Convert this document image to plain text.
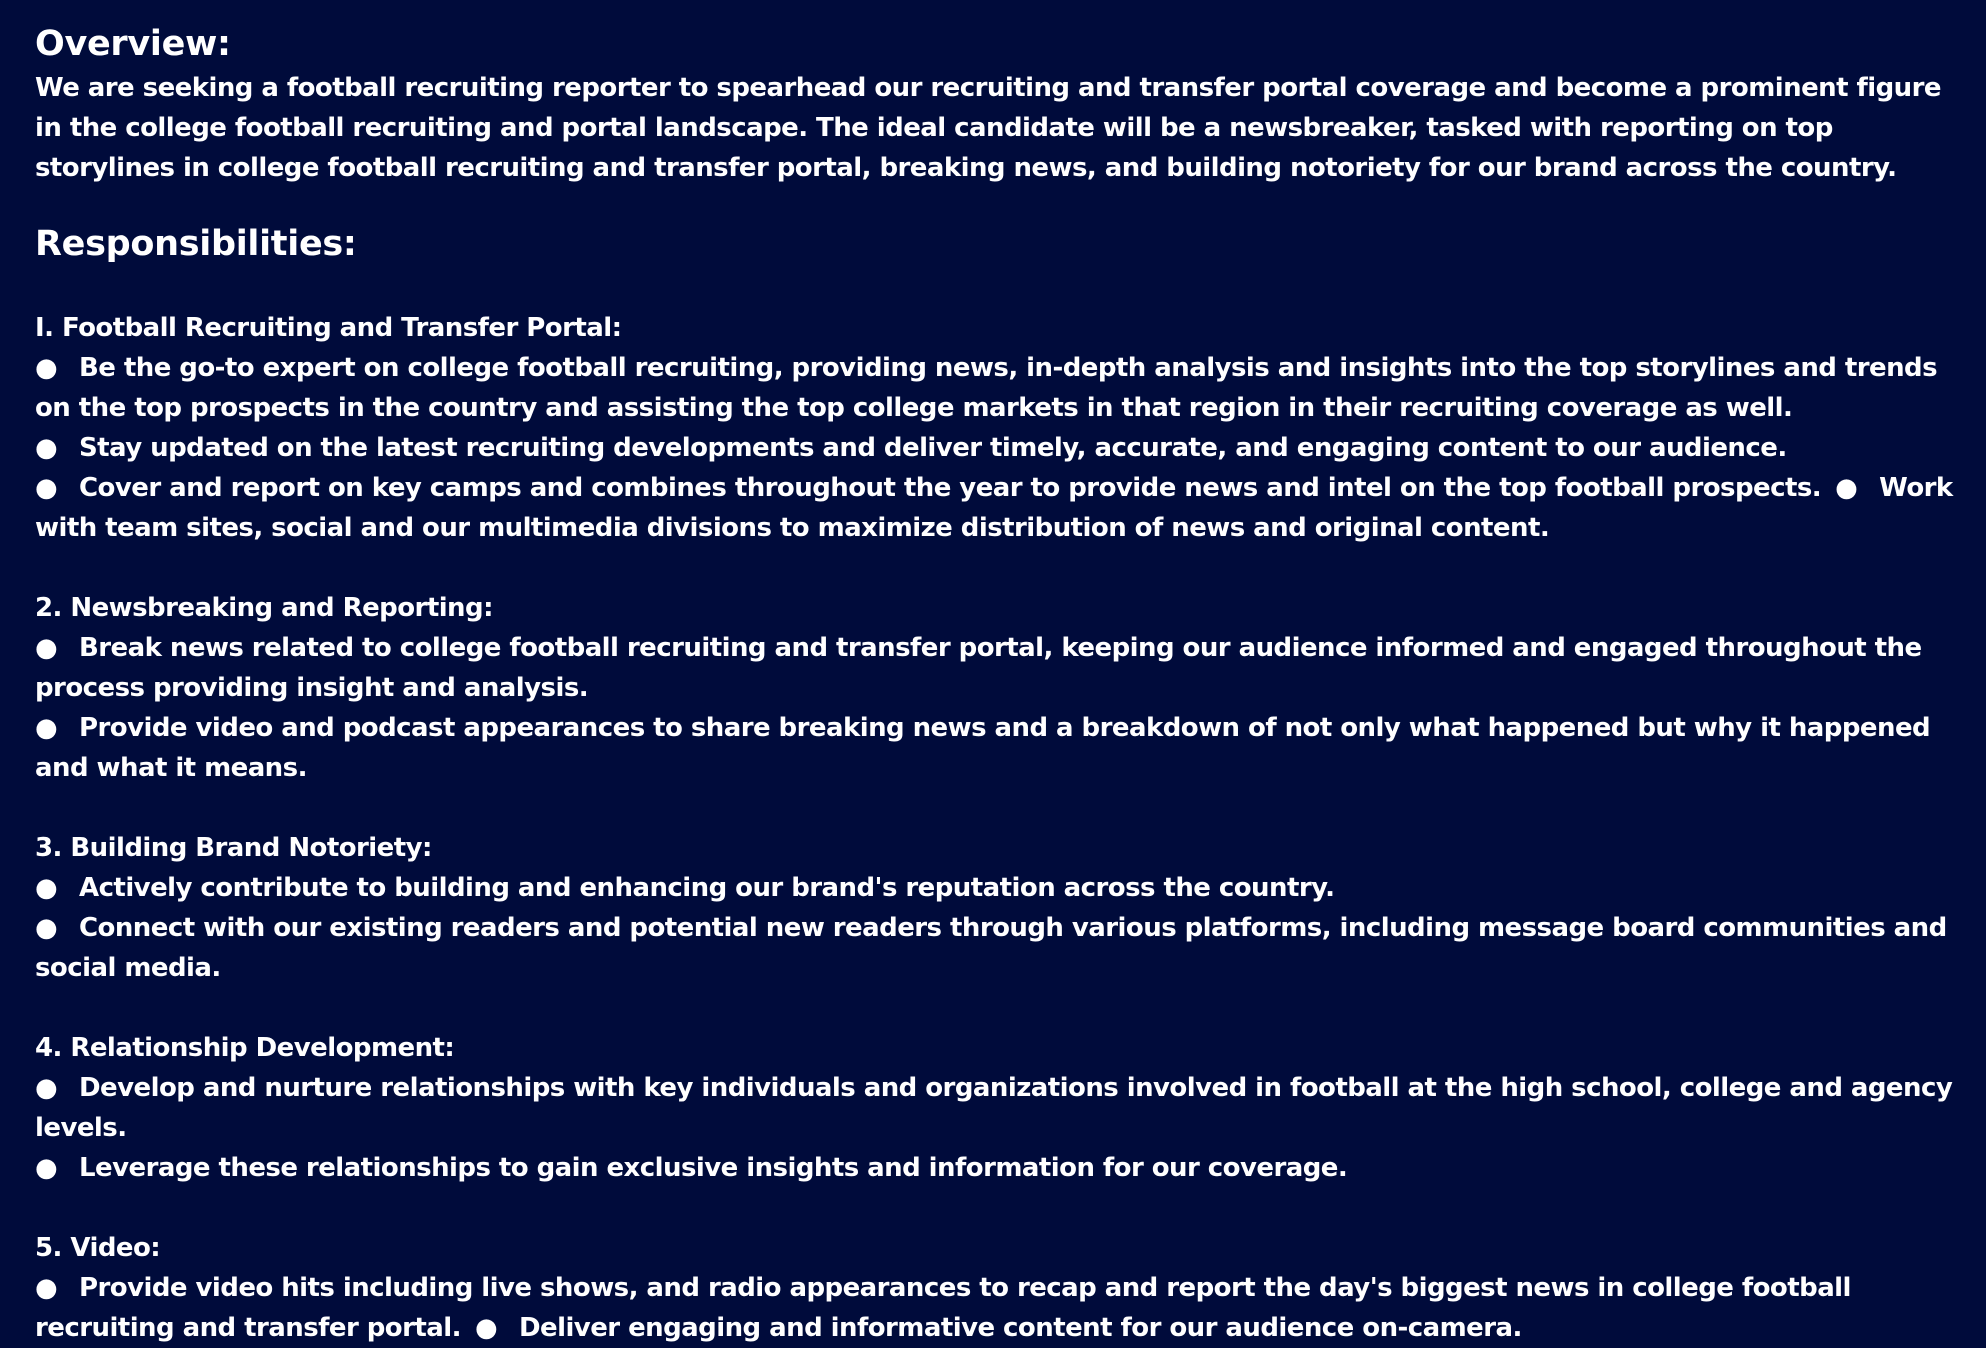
Overview:

We are seeking a football recruiting reporter to spearhead our recruiting and transfer portal coverage and become a prominent figure in the college football recruiting and portal landscape. The ideal candidate will be a newsbreaker, tasked with reporting on top storylines in college football recruiting and transfer portal, breaking news, and building notoriety for our brand across the country.

Responsibilities:
I. Football Recruiting and Transfer Portal:
● Be the go-to expert on college football recruiting, providing news, in-depth analysis and insights into the top storylines and trends on the top prospects in the country and assisting the top college markets in that region in their recruiting coverage as well.
● Stay updated on the latest recruiting developments and deliver timely, accurate, and engaging content to our audience.
● Cover and report on key camps and combines throughout the year to provide news and intel on the top football prospects. ● Work with team sites, social and our multimedia divisions to maximize distribution of news and original content.
2. Newsbreaking and Reporting:
● Break news related to college football recruiting and transfer portal, keeping our audience informed and engaged throughout the process providing insight and analysis.
● Provide video and podcast appearances to share breaking news and a breakdown of not only what happened but why it happened and what it means.
3. Building Brand Notoriety:
● Actively contribute to building and enhancing our brand's reputation across the country.
● Connect with our existing readers and potential new readers through various platforms, including message board communities and social media.
4. Relationship Development:
● Develop and nurture relationships with key individuals and organizations involved in football at the high school, college and agency levels.
● Leverage these relationships to gain exclusive insights and information for our coverage.
5. Video:
● Provide video hits including live shows, and radio appearances to recap and report the day's biggest news in college football recruiting and transfer portal. ● Deliver engaging and informative content for our audience on-camera.
